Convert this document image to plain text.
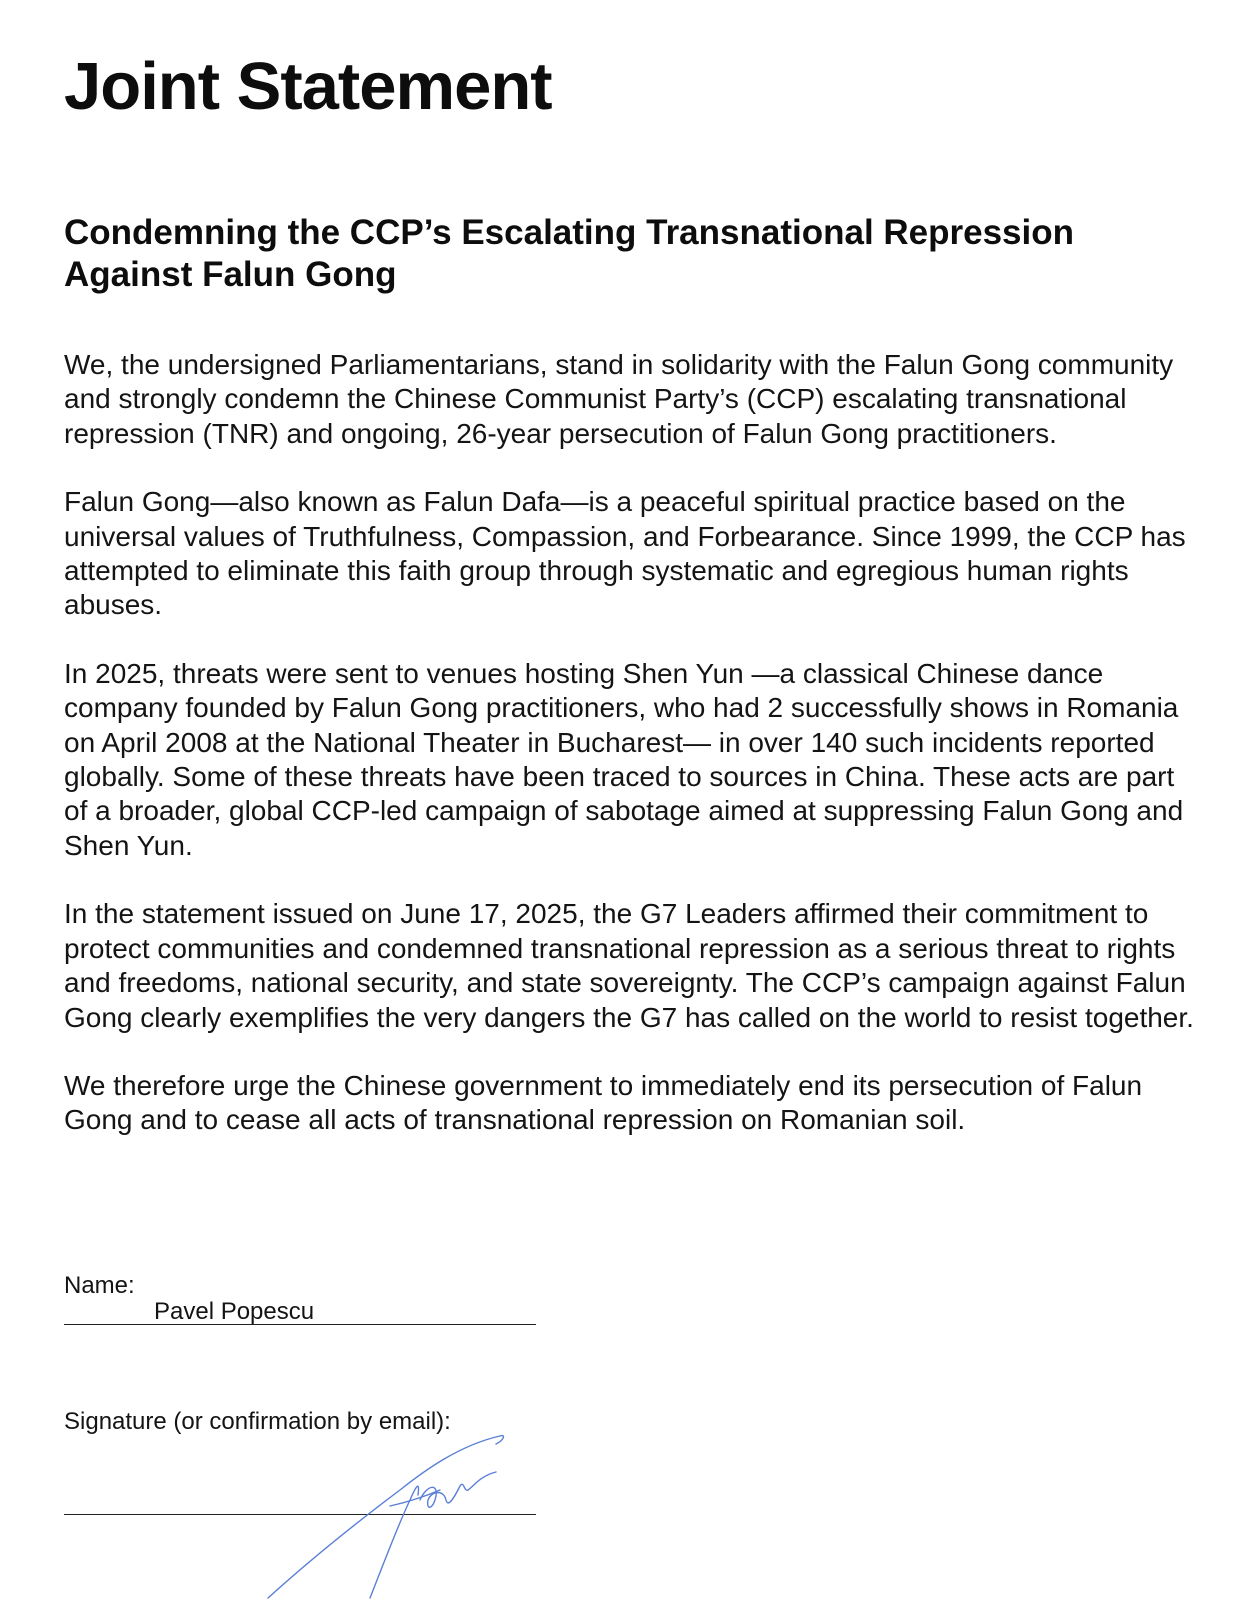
Joint Statement
Condemning the CCP’s Escalating Transnational Repression Against Falun Gong

We, the undersigned Parliamentarians, stand in solidarity with the Falun Gong community and strongly condemn the Chinese Communist Party’s (CCP) escalating transnational repression (TNR) and ongoing, 26-year persecution of Falun Gong practitioners.

Falun Gong—also known as Falun Dafa—is a peaceful spiritual practice based on the universal values of Truthfulness, Compassion, and Forbearance. Since 1999, the CCP has attempted to eliminate this faith group through systematic and egregious human rights abuses.

In 2025, threats were sent to venues hosting Shen Yun —a classical Chinese dance company founded by Falun Gong practitioners, who had 2 successfully shows in Romania on April 2008 at the National Theater in Bucharest— in over 140 such incidents reported globally. Some of these threats have been traced to sources in China. These acts are part of a broader, global CCP-led campaign of sabotage aimed at suppressing Falun Gong and Shen Yun.

In the statement issued on June 17, 2025, the G7 Leaders affirmed their commitment to protect communities and condemned transnational repression as a serious threat to rights and freedoms, national security, and state sovereignty. The CCP’s campaign against Falun Gong clearly exemplifies the very dangers the G7 has called on the world to resist together.

We therefore urge the Chinese government to immediately end its persecution of Falun Gong and to cease all acts of transnational repression on Romanian soil.

Name:
Pavel Popescu
Signature (or confirmation by email):
